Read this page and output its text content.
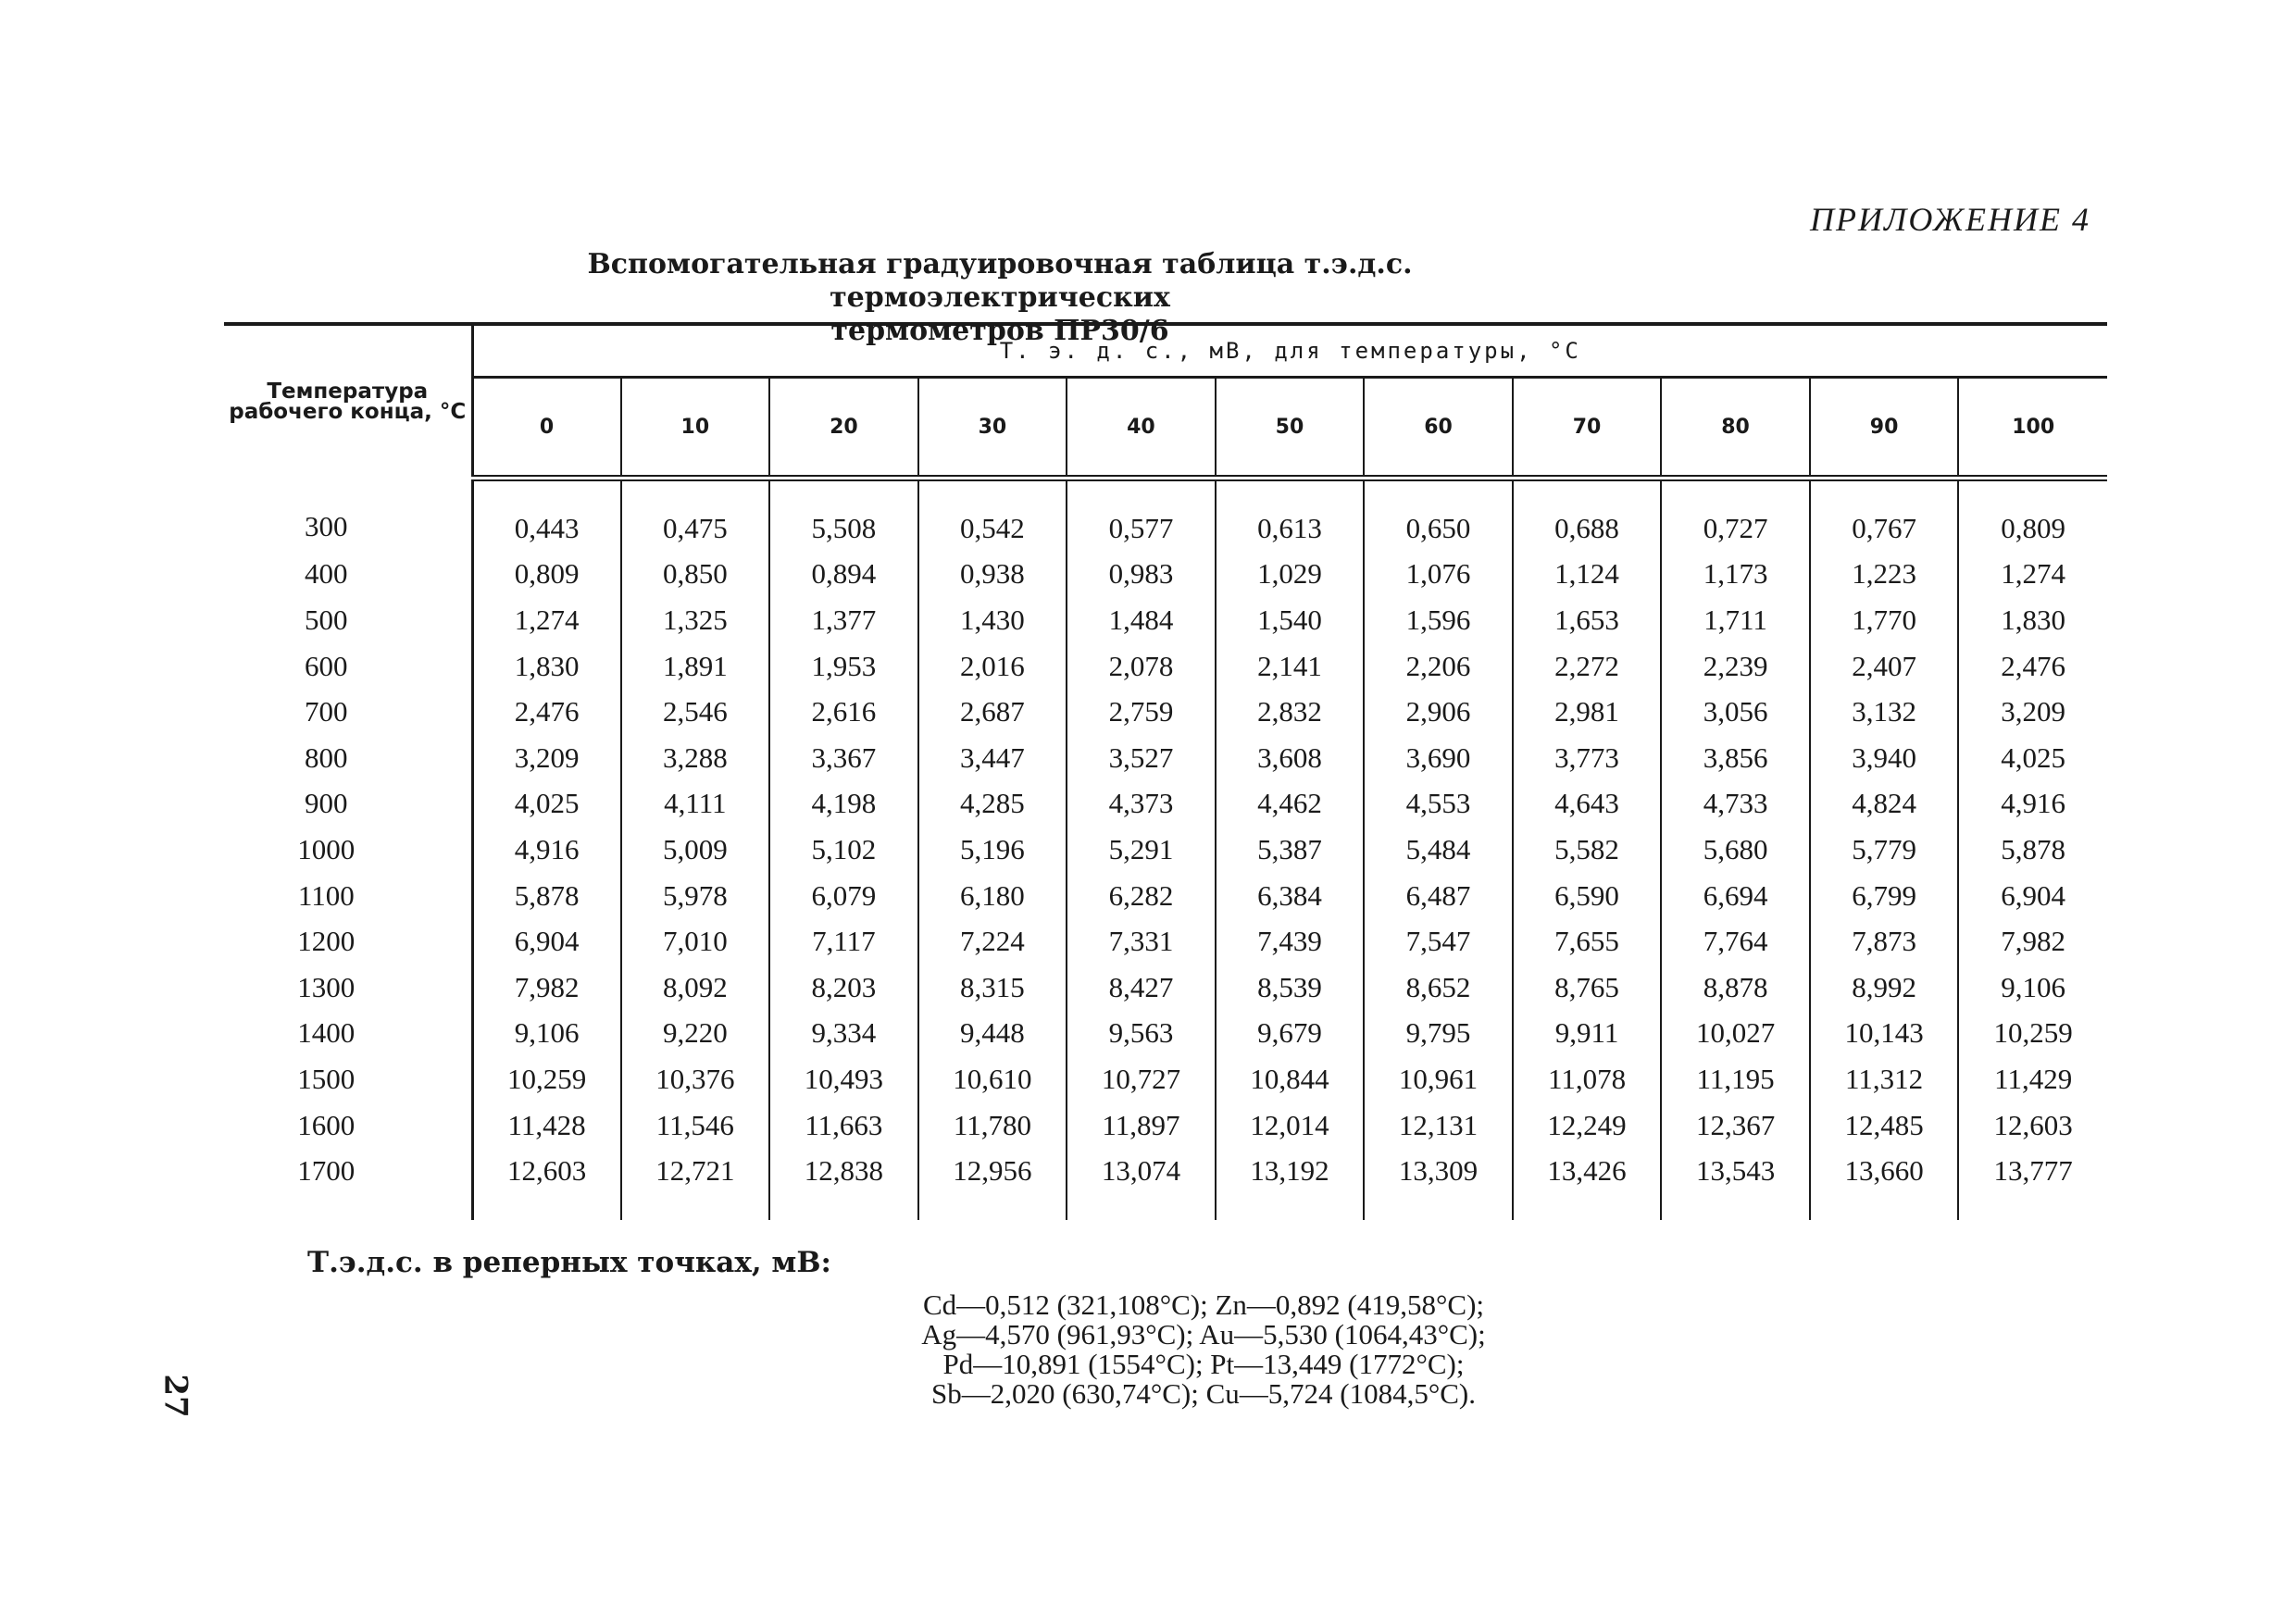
ПРИЛОЖЕНИЕ 4
Вспомогательная градуировочная таблица т.э.д.с. термоэлектрических
термометров ПР30/6
Температура рабочего конца, °С	Т. э. д. с., мВ, для температуры, °С										
	0	10	20	30	40	50	60	70	80	90	100
300	0,443	0,475	5,508	0,542	0,577	0,613	0,650	0,688	0,727	0,767	0,809
400	0,809	0,850	0,894	0,938	0,983	1,029	1,076	1,124	1,173	1,223	1,274
500	1,274	1,325	1,377	1,430	1,484	1,540	1,596	1,653	1,711	1,770	1,830
600	1,830	1,891	1,953	2,016	2,078	2,141	2,206	2,272	2,239	2,407	2,476
700	2,476	2,546	2,616	2,687	2,759	2,832	2,906	2,981	3,056	3,132	3,209
800	3,209	3,288	3,367	3,447	3,527	3,608	3,690	3,773	3,856	3,940	4,025
900	4,025	4,111	4,198	4,285	4,373	4,462	4,553	4,643	4,733	4,824	4,916
1000	4,916	5,009	5,102	5,196	5,291	5,387	5,484	5,582	5,680	5,779	5,878
1100	5,878	5,978	6,079	6,180	6,282	6,384	6,487	6,590	6,694	6,799	6,904
1200	6,904	7,010	7,117	7,224	7,331	7,439	7,547	7,655	7,764	7,873	7,982
1300	7,982	8,092	8,203	8,315	8,427	8,539	8,652	8,765	8,878	8,992	9,106
1400	9,106	9,220	9,334	9,448	9,563	9,679	9,795	9,911	10,027	10,143	10,259
1500	10,259	10,376	10,493	10,610	10,727	10,844	10,961	11,078	11,195	11,312	11,429
1600	11,428	11,546	11,663	11,780	11,897	12,014	12,131	12,249	12,367	12,485	12,603
1700	12,603	12,721	12,838	12,956	13,074	13,192	13,309	13,426	13,543	13,660	13,777
Т.э.д.с. в реперных точках, мВ:
Cd—0,512 (321,108°C); Zn—0,892 (419,58°C);
Ag—4,570 (961,93°C); Au—5,530 (1064,43°C);
Pd—10,891 (1554°C); Pt—13,449 (1772°C);
Sb—2,020 (630,74°C); Cu—5,724 (1084,5°C).
27
